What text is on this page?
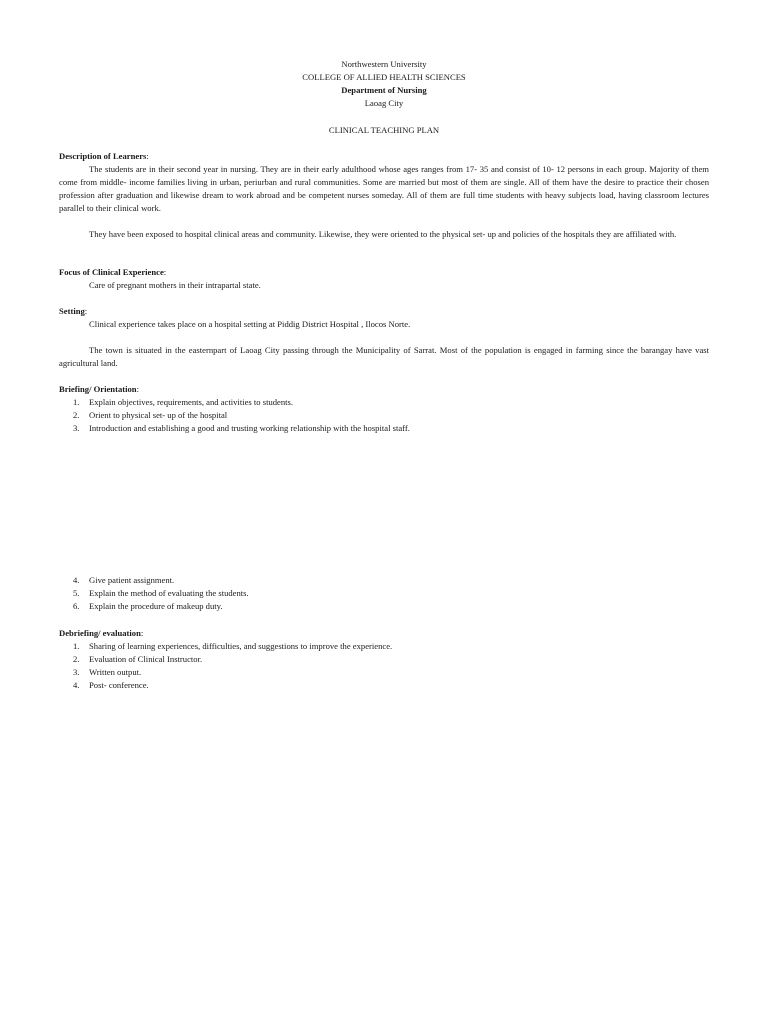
Northwestern University
COLLEGE OF ALLIED HEALTH SCIENCES
Department of Nursing
Laoag City
CLINICAL TEACHING PLAN
Description of Learners:
The students are in their second year in nursing. They are in their early adulthood whose ages ranges from 17- 35 and consist of 10- 12 persons in each group. Majority of them come from middle- income families living in urban, periurban and rural communities. Some are married but most of them are single. All of them have the desire to practice their chosen profession after graduation and likewise dream to work abroad and be competent nurses someday. All of them are full time students with heavy subjects load, having classroom lectures parallel to their clinical work.
They have been exposed to hospital clinical areas and community. Likewise, they were oriented to the physical set- up and policies of the hospitals they are affiliated with.
Focus of Clinical Experience:
Care of pregnant mothers in their intrapartal state.
Setting:
Clinical experience takes place on a hospital setting at Piddig District Hospital , Ilocos Norte.
The town is situated in the easternpart of Laoag City passing through the Municipality of Sarrat. Most of the population is engaged in farming since the barangay have vast agricultural land.
Briefing/ Orientation:
1. Explain objectives, requirements, and activities to students.
2. Orient to physical set- up of the hospital
3. Introduction and establishing a good and trusting working relationship with the hospital staff.
4. Give patient assignment.
5. Explain the method of evaluating the students.
6. Explain the procedure of makeup duty.
Debriefing/ evaluation:
1. Sharing of learning experiences, difficulties, and suggestions to improve the experience.
2. Evaluation of Clinical Instructor.
3. Written output.
4. Post- conference.
